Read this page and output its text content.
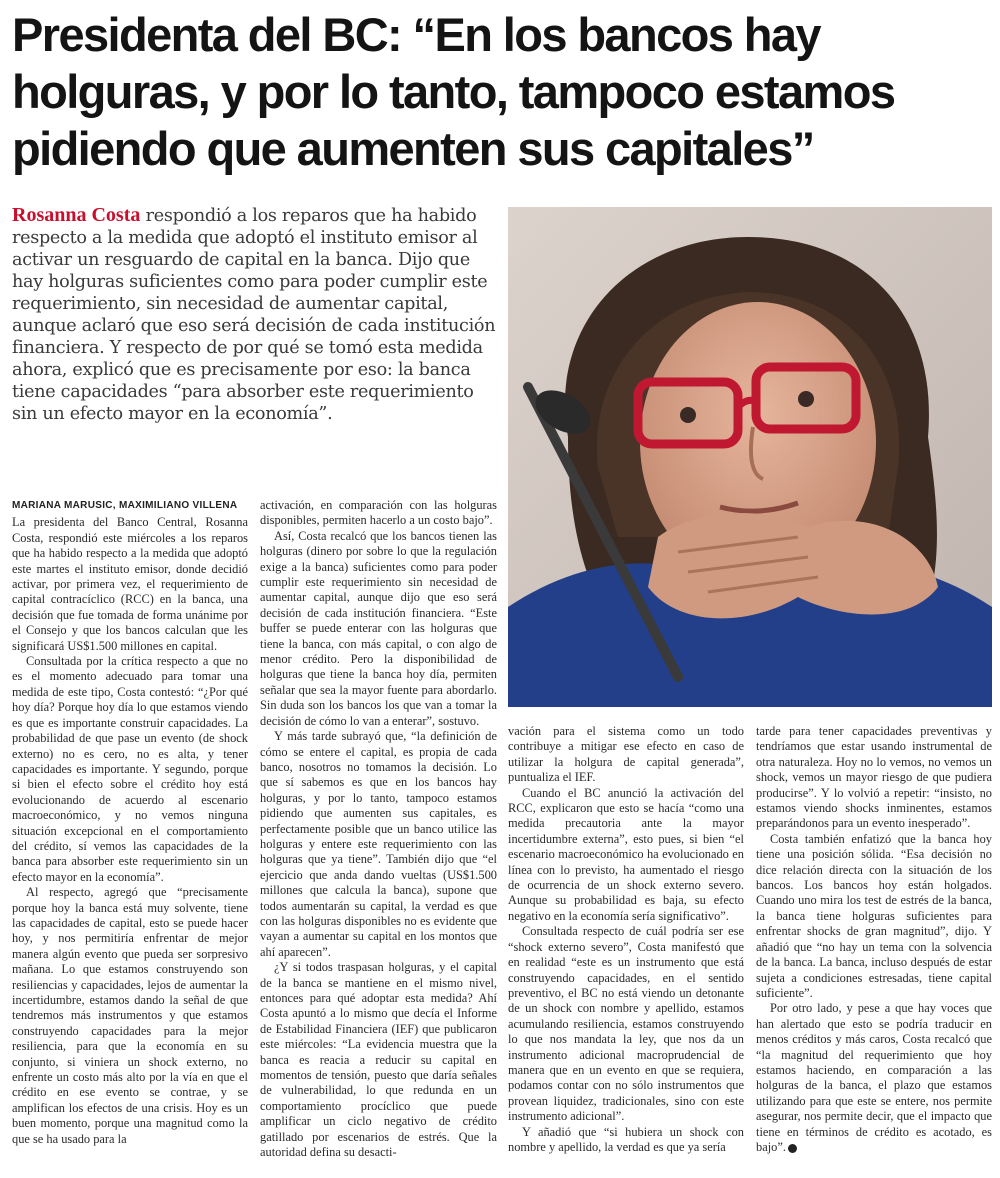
Presidenta del BC: “En los bancos hay holguras, y por lo tanto, tampoco estamos pidiendo que aumenten sus capitales”

Rosanna Costa respondió a los reparos que ha habido respecto a la medida que adoptó el instituto emisor al activar un resguardo de capital en la banca. Dijo que hay holguras suficientes como para poder cumplir este requerimiento, sin necesidad de aumentar capital, aunque aclaró que eso será decisión de cada institución financiera. Y respecto de por qué se tomó esta medida ahora, explicó que es precisamente por eso: la banca tiene capacidades “para absorber este requerimiento sin un efecto mayor en la economía”.

MARIANA MARUSIC, MAXIMILIANO VILLENA

La presidenta del Banco Central, Rosanna Costa, respondió este miércoles a los reparos que ha habido respecto a la medida que adoptó este martes el instituto emisor, donde decidió activar, por primera vez, el requerimiento de capital contracíclico (RCC) en la banca, una decisión que fue tomada de forma unánime por el Consejo y que los bancos calculan que les significará US$1.500 millones en capital.

Consultada por la crítica respecto a que no es el momento adecuado para tomar una medida de este tipo, Costa contestó: “¿Por qué hoy día? Porque hoy día lo que estamos viendo es que es importante construir capacidades. La probabilidad de que pase un evento (de shock externo) no es cero, no es alta, y tener capacidades es importante. Y segundo, porque si bien el efecto sobre el crédito hoy está evolucionando de acuerdo al escenario macroeconómico, y no vemos ninguna situación excepcional en el comportamiento del crédito, sí vemos las capacidades de la banca para absorber este requerimiento sin un efecto mayor en la economía”.

Al respecto, agregó que “precisamente porque hoy la banca está muy solvente, tiene las capacidades de capital, esto se puede hacer hoy, y nos permitiría enfrentar de mejor manera algún evento que pueda ser sorpresivo mañana. Lo que estamos construyendo son resiliencias y capacidades, lejos de aumentar la incertidumbre, estamos dando la señal de que tendremos más instrumentos y que estamos construyendo capacidades para la mejor resiliencia, para que la economía en su conjunto, si viniera un shock externo, no enfrente un costo más alto por la vía en que el crédito en ese evento se contrae, y se amplifican los efectos de una crisis. Hoy es un buen momento, porque una magnitud como la que se ha usado para la

activación, en comparación con las holguras disponibles, permiten hacerlo a un costo bajo”.

Así, Costa recalcó que los bancos tienen las holguras (dinero por sobre lo que la regulación exige a la banca) suficientes como para poder cumplir este requerimiento sin necesidad de aumentar capital, aunque dijo que eso será decisión de cada institución financiera. “Este buffer se puede enterar con las holguras que tiene la banca, con más capital, o con algo de menor crédito. Pero la disponibilidad de holguras que tiene la banca hoy día, permiten señalar que sea la mayor fuente para abordarlo. Sin duda son los bancos los que van a tomar la decisión de cómo lo van a enterar”, sostuvo.

Y más tarde subrayó que, “la definición de cómo se entere el capital, es propia de cada banco, nosotros no tomamos la decisión. Lo que sí sabemos es que en los bancos hay holguras, y por lo tanto, tampoco estamos pidiendo que aumenten sus capitales, es perfectamente posible que un banco utilice las holguras y entere este requerimiento con las holguras que ya tiene”. También dijo que “el ejercicio que anda dando vueltas (US$1.500 millones que calcula la banca), supone que todos aumentarán su capital, la verdad es que con las holguras disponibles no es evidente que vayan a aumentar su capital en los montos que ahí aparecen”.

¿Y si todos traspasan holguras, y el capital de la banca se mantiene en el mismo nivel, entonces para qué adoptar esta medida? Ahí Costa apuntó a lo mismo que decía el Informe de Estabilidad Financiera (IEF) que publicaron este miércoles: “La evidencia muestra que la banca es reacia a reducir su capital en momentos de tensión, puesto que daría señales de vulnerabilidad, lo que redunda en un comportamiento procíclico que puede amplificar un ciclo negativo de crédito gatillado por escenarios de estrés. Que la autoridad defina su desacti-

vación para el sistema como un todo contribuye a mitigar ese efecto en caso de utilizar la holgura de capital generada”, puntualiza el IEF.

Cuando el BC anunció la activación del RCC, explicaron que esto se hacía “como una medida precautoria ante la mayor incertidumbre externa”, esto pues, si bien “el escenario macroeconómico ha evolucionado en línea con lo previsto, ha aumentado el riesgo de ocurrencia de un shock externo severo. Aunque su probabilidad es baja, su efecto negativo en la economía sería significativo”.

Consultada respecto de cuál podría ser ese “shock externo severo”, Costa manifestó que en realidad “este es un instrumento que está construyendo capacidades, en el sentido preventivo, el BC no está viendo un detonante de un shock con nombre y apellido, estamos acumulando resiliencia, estamos construyendo lo que nos mandata la ley, que nos da un instrumento adicional macroprudencial de manera que en un evento en que se requiera, podamos contar con no sólo instrumentos que provean liquidez, tradicionales, sino con este instrumento adicional”.

Y añadió que “si hubiera un shock con nombre y apellido, la verdad es que ya sería

tarde para tener capacidades preventivas y tendríamos que estar usando instrumental de otra naturaleza. Hoy no lo vemos, no vemos un shock, vemos un mayor riesgo de que pudiera producirse”. Y lo volvió a repetir: “insisto, no estamos viendo shocks inminentes, estamos preparándonos para un evento inesperado”.

Costa también enfatizó que la banca hoy tiene una posición sólida. “Esa decisión no dice relación directa con la situación de los bancos. Los bancos hoy están holgados. Cuando uno mira los test de estrés de la banca, la banca tiene holguras suficientes para enfrentar shocks de gran magnitud”, dijo. Y añadió que “no hay un tema con la solvencia de la banca. La banca, incluso después de estar sujeta a condiciones estresadas, tiene capital suficiente”.

Por otro lado, y pese a que hay voces que han alertado que esto se podría traducir en menos créditos y más caros, Costa recalcó que “la magnitud del requerimiento que hoy estamos haciendo, en comparación a las holguras de la banca, el plazo que estamos utilizando para que este se entere, nos permite asegurar, nos permite decir, que el impacto que tiene en términos de crédito es acotado, es bajo”.
